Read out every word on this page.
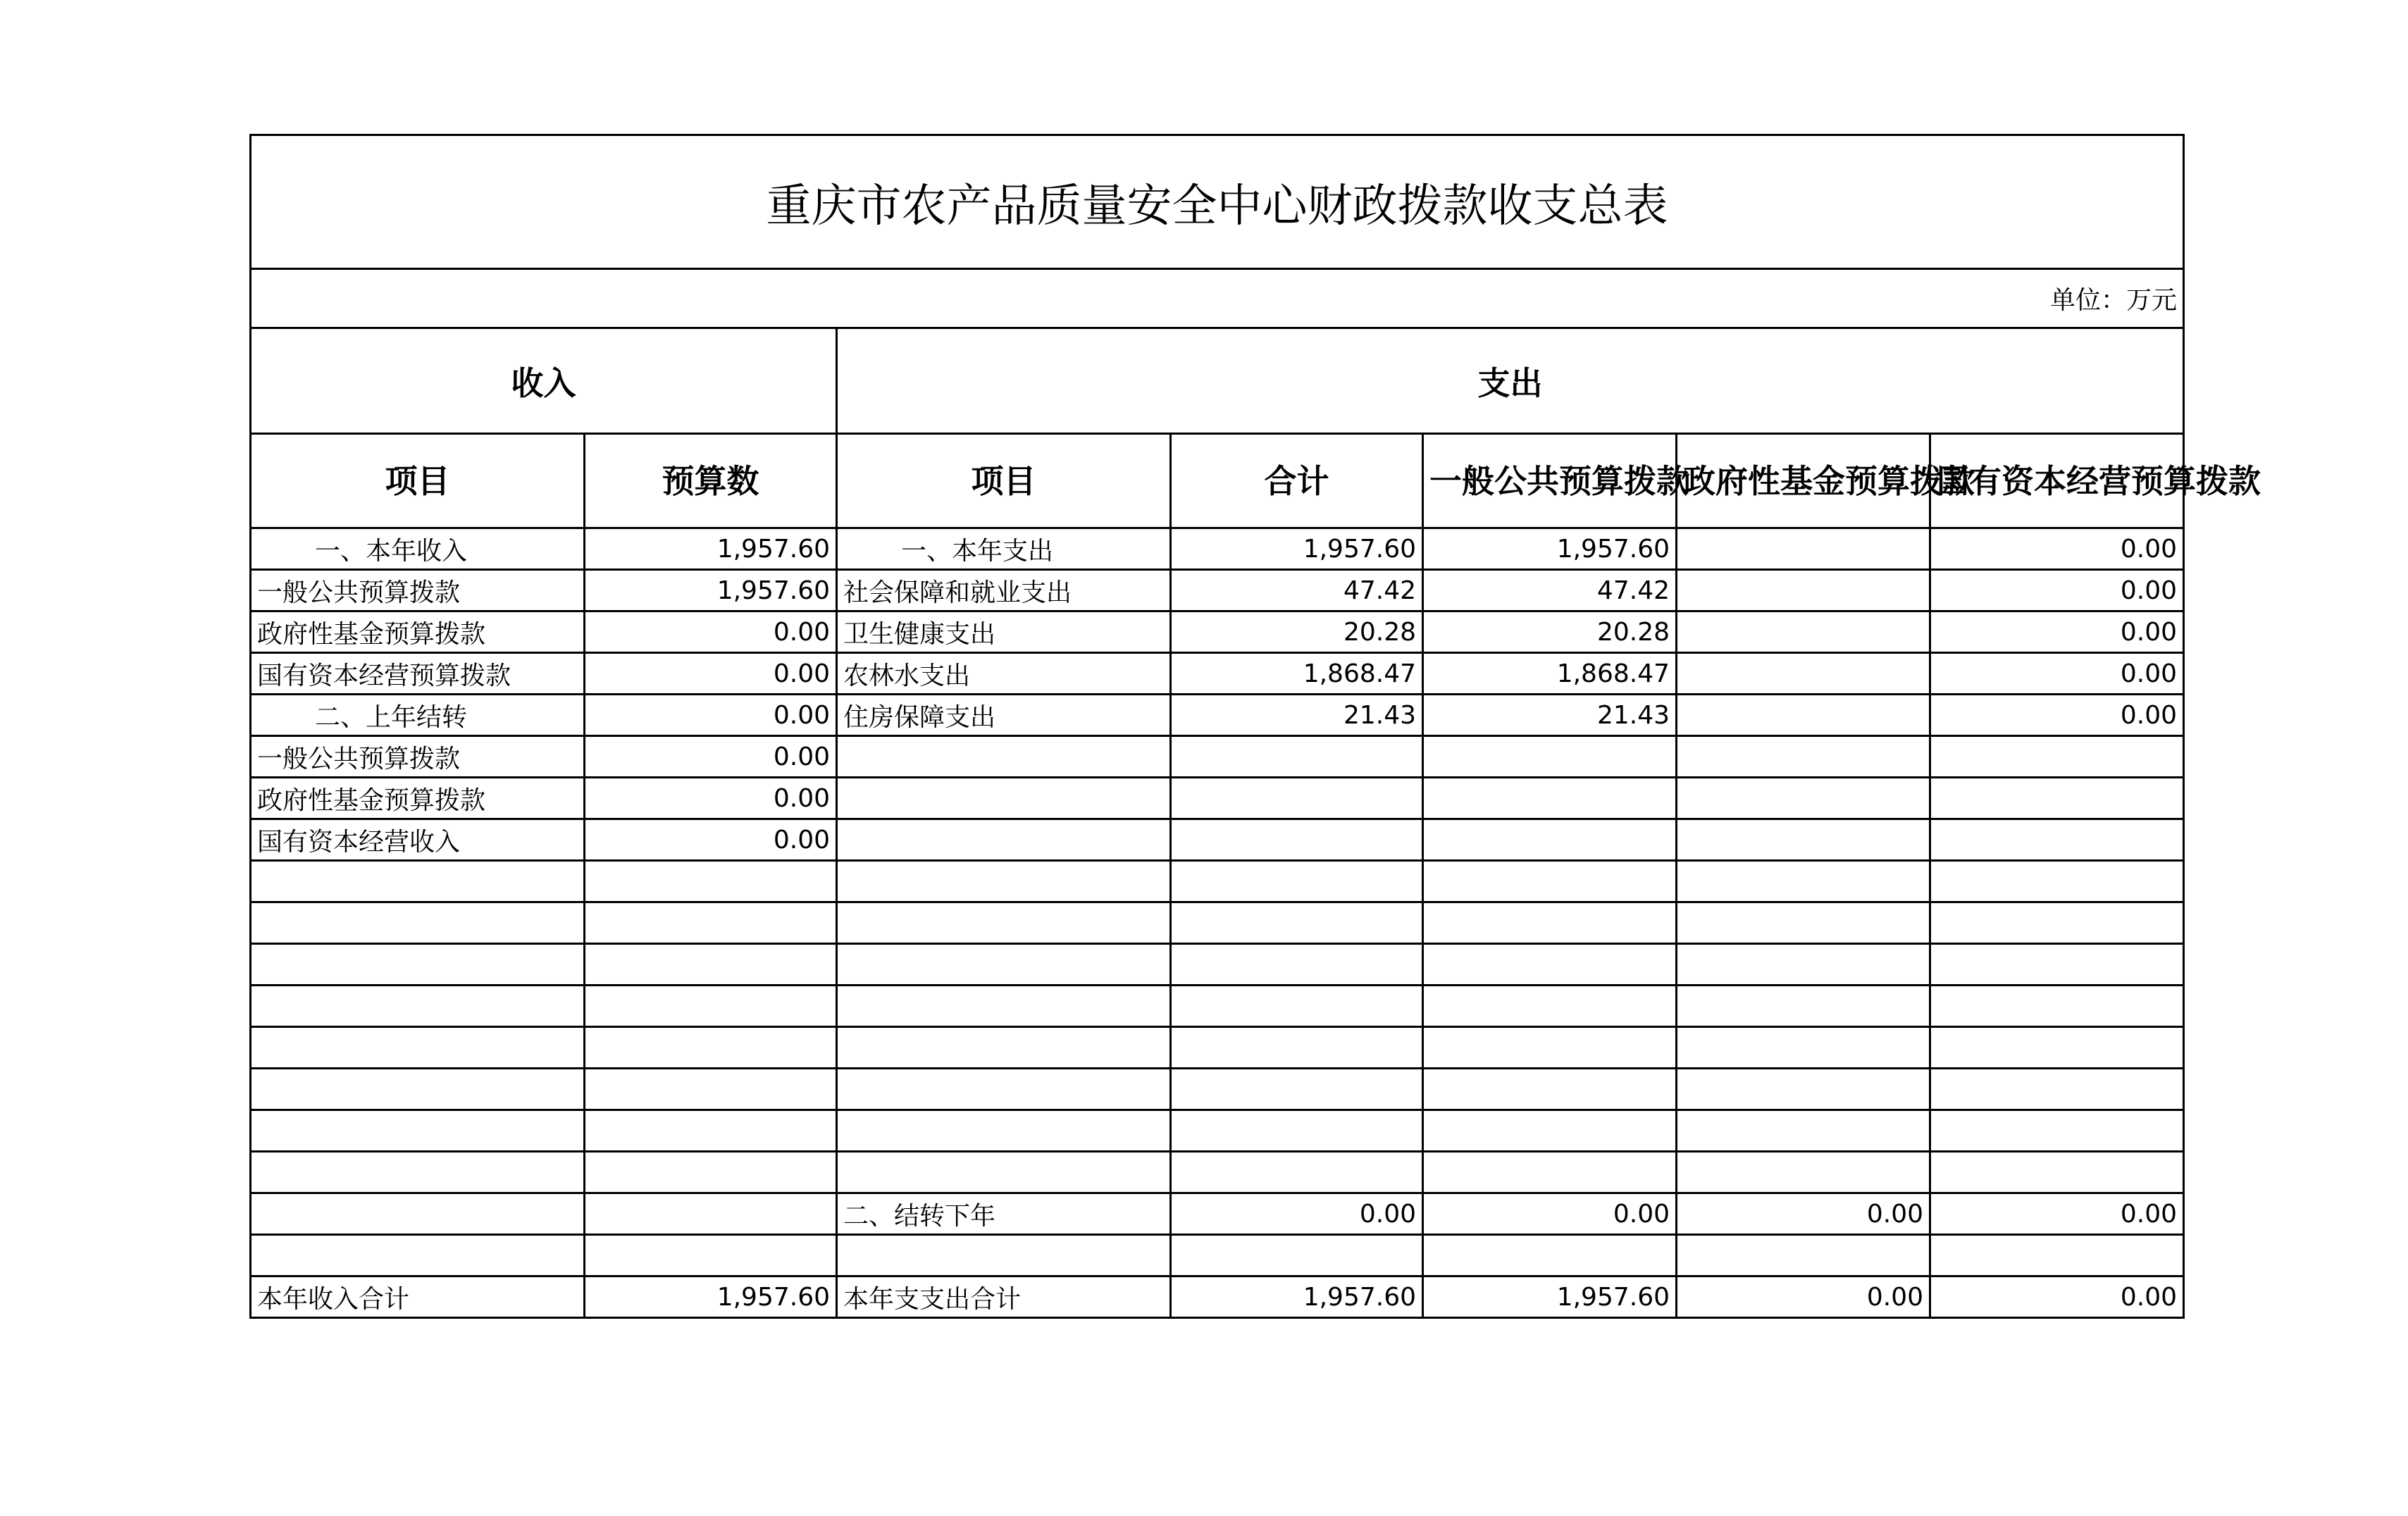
重庆市农产品质量安全中心财政拨款收支总表						
单位：万元						
收入		支出				
项目	预算数	项目	合计	一般公共预算拨款	政府性基金预算拨款	国有资本经营预算拨款
一、本年收入	1,957.60	一、本年支出	1,957.60	1,957.60		0.00
一般公共预算拨款	1,957.60	社会保障和就业支出	47.42	47.42		0.00
政府性基金预算拨款	0.00	卫生健康支出	20.28	20.28		0.00
国有资本经营预算拨款	0.00	农林水支出	1,868.47	1,868.47		0.00
二、上年结转	0.00	住房保障支出	21.43	21.43		0.00
一般公共预算拨款	0.00					
政府性基金预算拨款	0.00					
国有资本经营收入	0.00					

		二、结转下年	0.00	0.00	0.00	0.00

本年收入合计	1,957.60	本年支支出合计	1,957.60	1,957.60	0.00	0.00
